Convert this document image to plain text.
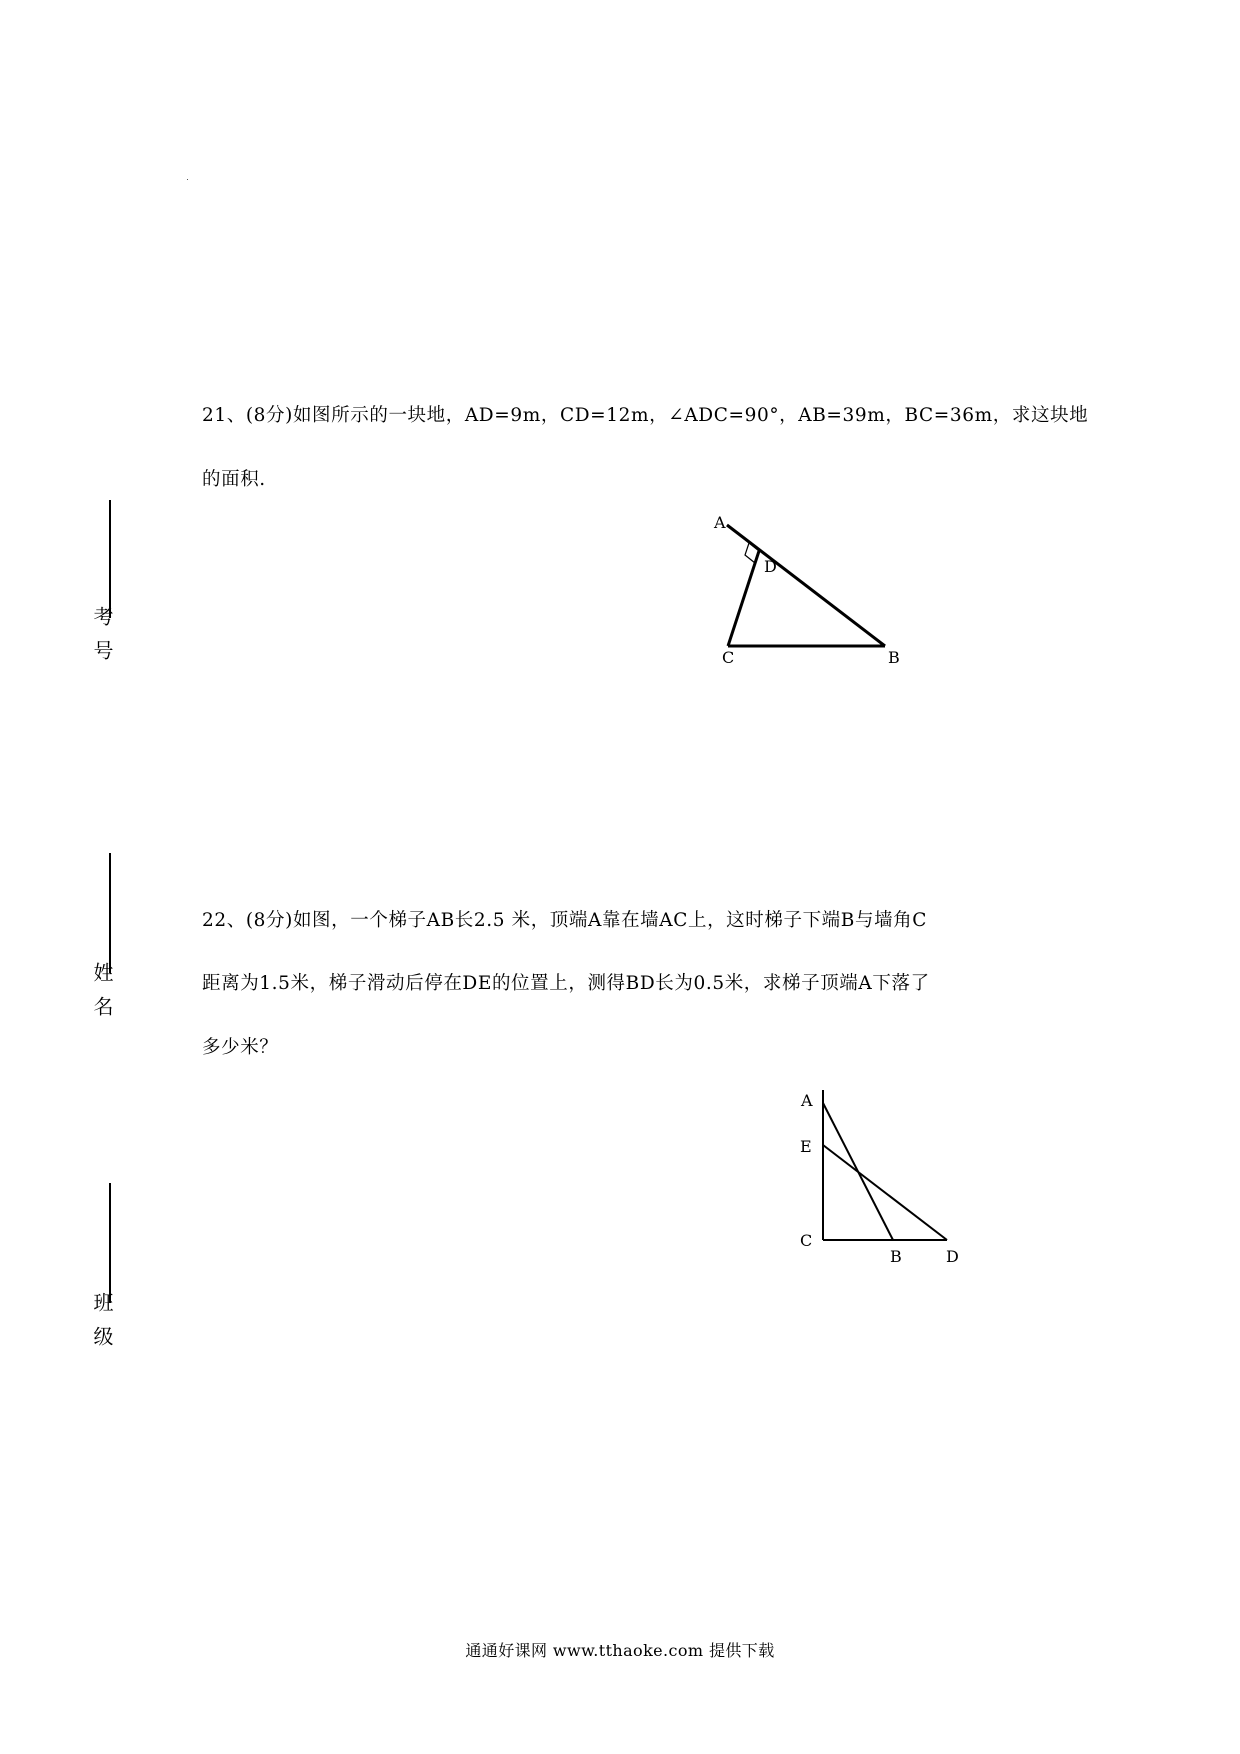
考号
姓名
班级
21、(8分)如图所示的一块地，AD=9m，CD=12m，∠ADC=90°，AB=39m，BC=36m，求这块地
的面积.
A
D
C	B
22、(8分)如图，一个梯子AB长2.5 米，顶端A靠在墙AC上，这时梯子下端B与墙角C
距离为1.5米，梯子滑动后停在DE的位置上，测得BD长为0.5米，求梯子顶端A下落了
多少米？
A
E
C
B	D
通通好课网 www.tthaoke.com 提供下载
